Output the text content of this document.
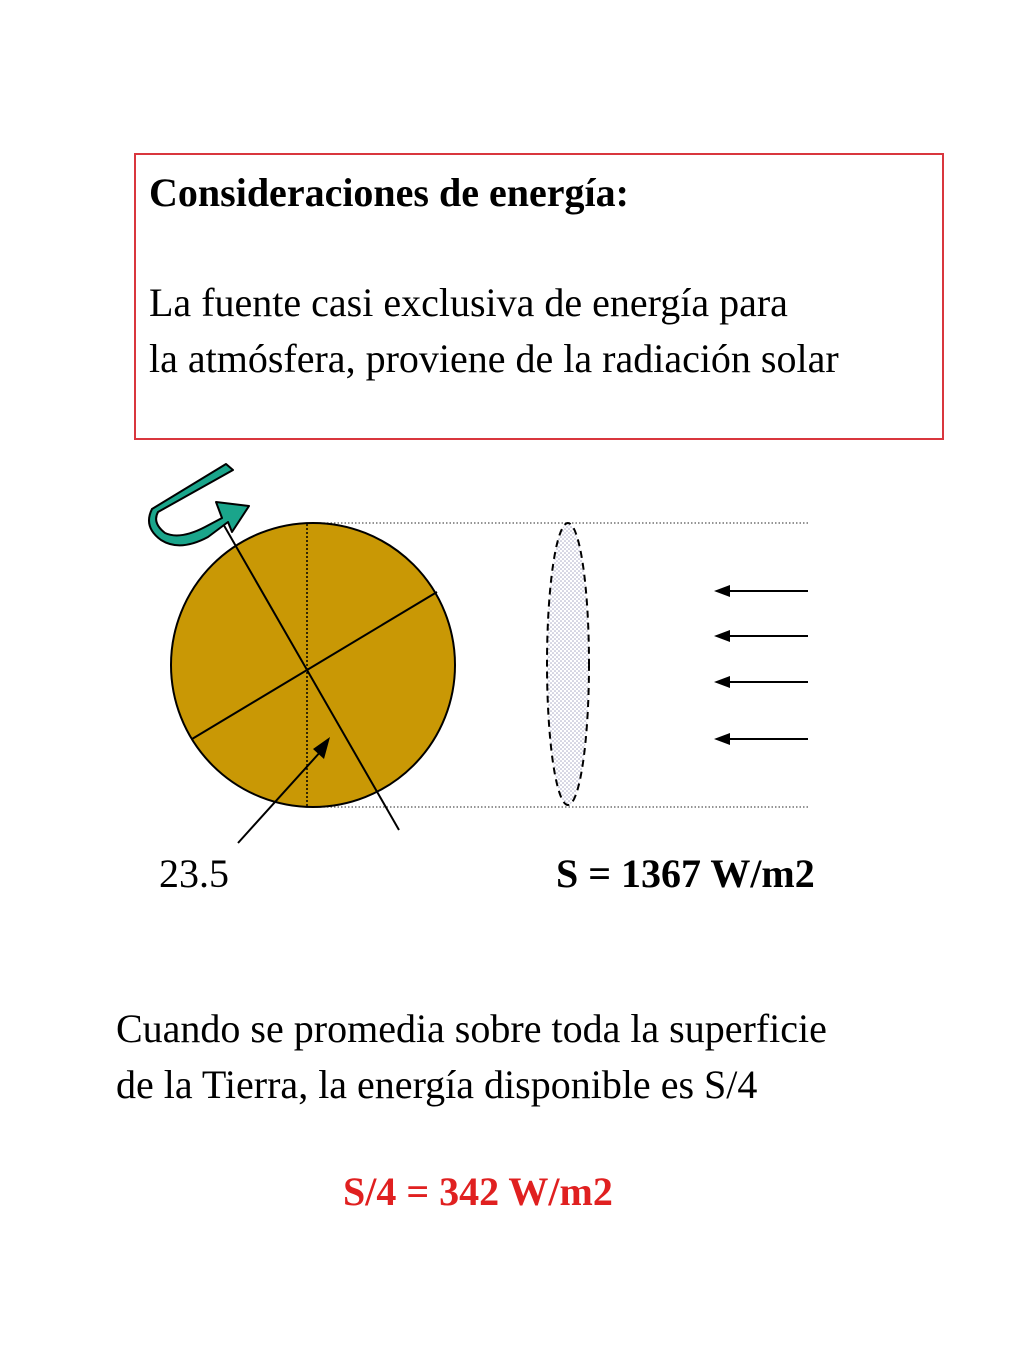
Consideraciones de energía:

La fuente casi exclusiva de energía para

la atmósfera, proviene de la radiación solar

23.5	S = 1367 W/m2

Cuando se promedia sobre toda la superficie

de la Tierra, la energía disponible es S/4

S/4 = 342 W/m2
